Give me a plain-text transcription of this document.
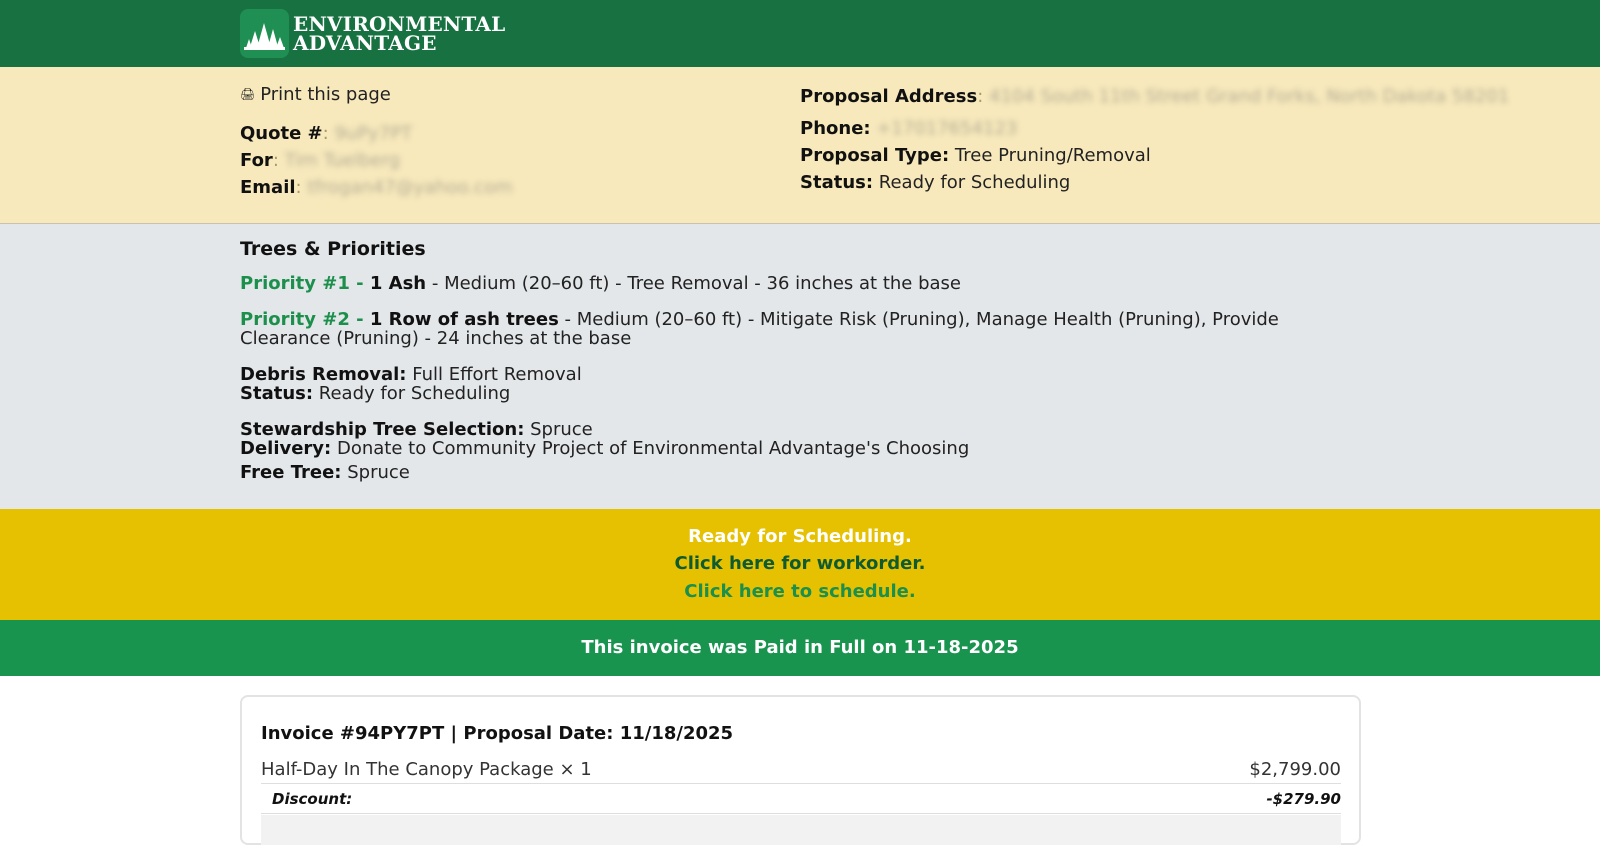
ENVIRONMENTAL
ADVANTAGE
🖨 Print this page
Quote #: 9uPy7PT
For: Tim Tuelberg
Email: tfrogan47@yahoo.com
Proposal Address: 4104 South 11th Street Grand Forks, North Dakota 58201
Phone: +17017654123
Proposal Type: Tree Pruning/Removal
Status: Ready for Scheduling
Trees & Priorities
Priority #1 - 1 Ash - Medium (20–60 ft) - Tree Removal - 36 inches at the base
Priority #2 - 1 Row of ash trees - Medium (20–60 ft) - Mitigate Risk (Pruning), Manage Health (Pruning), Provide Clearance (Pruning) - 24 inches at the base
Debris Removal: Full Effort Removal
Status: Ready for Scheduling
Stewardship Tree Selection: Spruce
Delivery: Donate to Community Project of Environmental Advantage's Choosing
Free Tree: Spruce
Ready for Scheduling.
Click here for workorder.
Click here to schedule.
This invoice was Paid in Full on 11-18-2025
Invoice #94PY7PT | Proposal Date: 11/18/2025
Half-Day In The Canopy Package × 1	$2,799.00
Discount:	-$279.90
